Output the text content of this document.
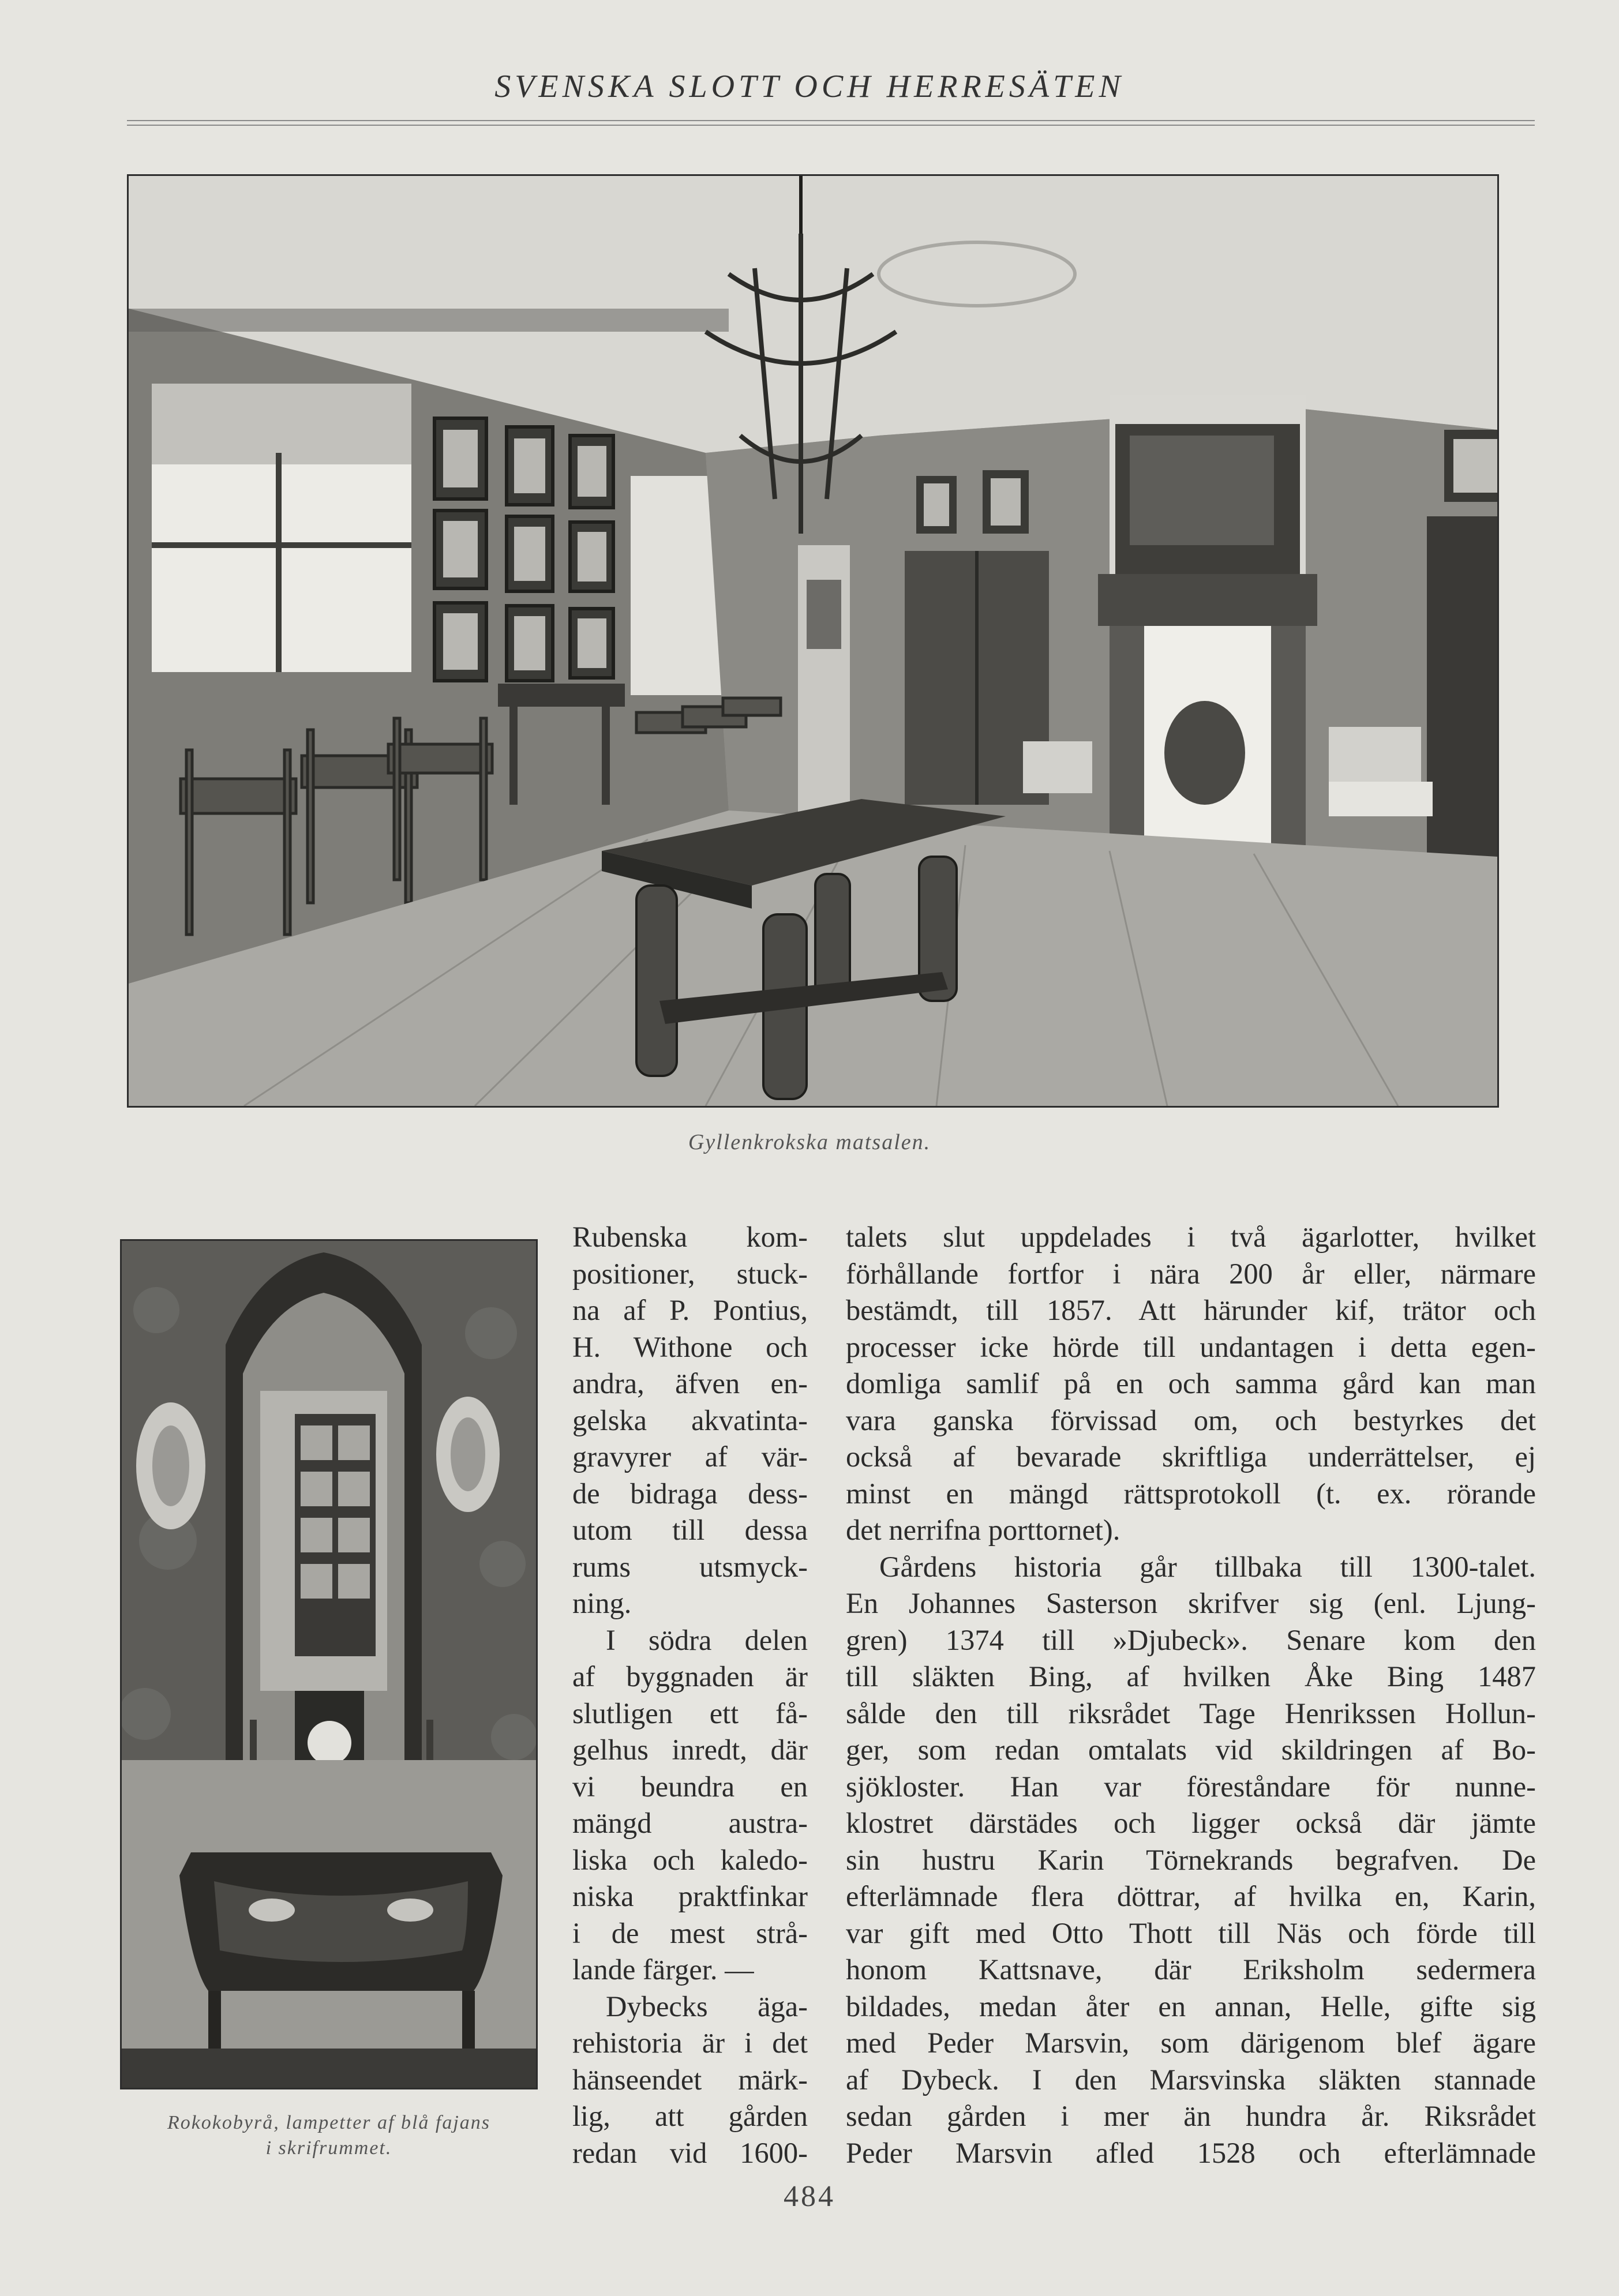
SVENSKA SLOTT OCH HERRESÄTEN
Gyllenkrokska matsalen.
Rokokobyrå, lampetter af blå fajans
i skrifrummet.
Rubenska kom-
positioner, stuck-
na af P. Pontius,
H. Withone och
andra, äfven en-
gelska akvatinta-
gravyrer af vär-
de bidraga dess-
utom till dessa
rums utsmyck-
ning.
I södra delen
af byggnaden är
slutligen ett få-
gelhus inredt, där
vi beundra en
mängd austra-
liska och kaledo-
niska praktfinkar
i de mest strå-
lande färger. —
Dybecks äga-
rehistoria är i det
hänseendet märk-
lig, att gården
redan vid 1600-
talets slut uppdelades i två ägarlotter, hvilket
förhållande fortfor i nära 200 år eller, närmare
bestämdt, till 1857. Att härunder kif, trätor och
processer icke hörde till undantagen i detta egen-
domliga samlif på en och samma gård kan man
vara ganska förvissad om, och bestyrkes det
också af bevarade skriftliga underrättelser, ej
minst en mängd rättsprotokoll (t. ex. rörande
det nerrifna porttornet).
Gårdens historia går tillbaka till 1300-talet.
En Johannes Sasterson skrifver sig (enl. Ljung-
gren) 1374 till »Djubeck». Senare kom den
till släkten Bing, af hvilken Åke Bing 1487
sålde den till riksrådet Tage Henrikssen Hollun-
ger, som redan omtalats vid skildringen af Bo-
sjökloster. Han var föreståndare för nunne-
klostret därstädes och ligger också där jämte
sin hustru Karin Törnekrands begrafven. De
efterlämnade flera döttrar, af hvilka en, Karin,
var gift med Otto Thott till Näs och förde till
honom Kattsnave, där Eriksholm sedermera
bildades, medan åter en annan, Helle, gifte sig
med Peder Marsvin, som därigenom blef ägare
af Dybeck. I den Marsvinska släkten stannade
sedan gården i mer än hundra år. Riksrådet
Peder Marsvin afled 1528 och efterlämnade
484
